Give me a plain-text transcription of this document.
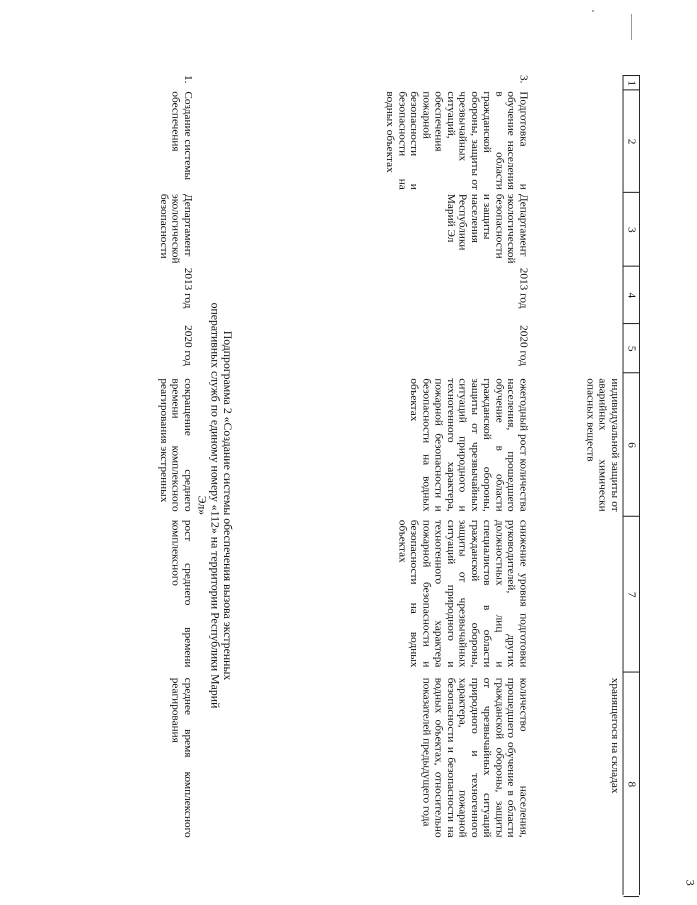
3
1
2
3
4
5
6
7
8
индивидуальной защиты от аварийных химически опасных веществ
хранящегося на складах
3.
Подготовка и обучение населения в области гражданской обороны, защиты от чрезвычайных ситуаций, обеспечения пожарной безопасности и безопасности на водных объектах
Департамент экологической безопасности и защиты населения Республики Марий Эл
2013 год
2020 год
ежегодный рост количества населения, прошедшего обучение в области гражданской обороны, защиты от чрезвычайных ситуаций природного и техногенного характера, пожарной безопасности и безопасности на водных объектах
снижение уровня подготовки руководителей, других должностных лиц и специалистов в области гражданской обороны, защиты от чрезвычайных ситуаций природного и техногенного характера пожарной безопасности и безопасности на водных объектах
количество населения, прошедшего обучение в области гражданской обороны, защиты от чрезвычайных ситуаций природного и техногенного характера, пожарной безопасности и безопасности на водных объектах, относительно показателей предыдущего года
Подпрограмма 2 «Создание системы обеспечения вызова экстренных оперативных служб по единому номеру «112» на территории Республики Марий Эл»
1.
Создание системы обеспечения
Департамент экологической безопасности
2013 год
2020 год
сокращение среднего времени комплексного реагирования экстренных
рост среднего времени комплексного
среднее время комплексного реагирования
